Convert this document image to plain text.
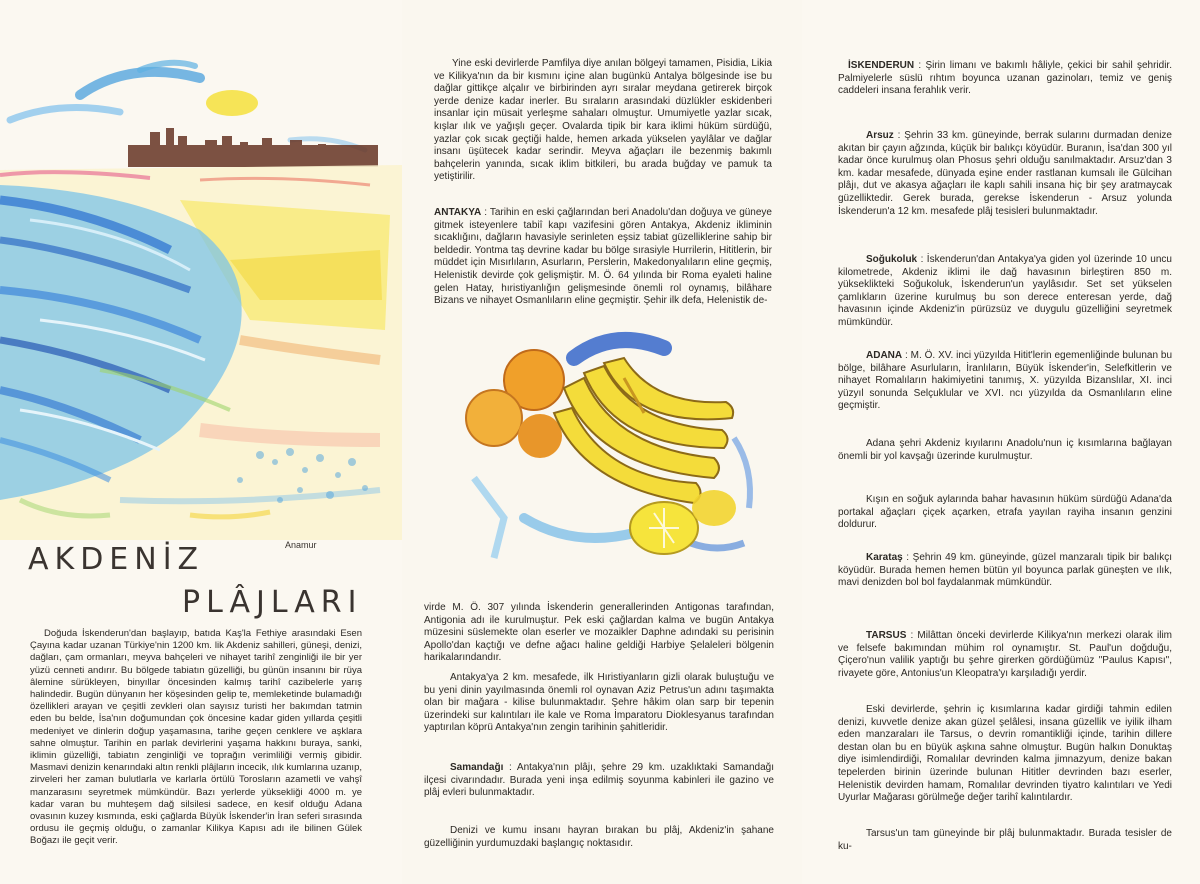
Anamur
AKDENİZ
PLÂJLARI

Doğuda İskenderun'dan başlayıp, batıda Kaş'la Fethiye arasındaki Esen Çayına kadar uzanan Türkiye'nin 1200 km. lik Akdeniz sahilleri, güneşi, denizi, dağları, çam ormanları, meyva bahçeleri ve nihayet tarihî zenginliği ile bir yer yüzü cenneti andırır. Bu bölgede tabiatın güzelliği, bu günün insanını bir rüya âlemine sürükleyen, binyıllar öncesinden kalmış tarihî cazibelerle yarış halindedir. Bugün dünyanın her köşesinden gelip te, memleketinde bulamadığı özellikleri arayan ve çeşitli zevkleri olan sayısız turisti her bakımdan tatmin eden bu belde, İsa'nın doğumundan çok öncesine kadar giden yıllarda çeşitli medeniyet ve dinlerin doğup yaşamasına, tarihe geçen cenklere ve aşklara sahne olmuştur. Tarihin en parlak devirlerini yaşama hakkını buraya, sanki, iklimin güzelliği, tabiatın zenginliği ve toprağın verimliliği vermiş gibidir. Masmavi denizin kenarındaki altın renkli plâjların incecik, ılık kumlarına uzanıp, zirveleri her zaman bulutlarla ve karlarla örtülü Torosların azametli ve vahşî manzarasını seyretmek mümkündür. Bazı yerlerde yüksekliği 4000 m. ye kadar varan bu muhteşem dağ silsilesi sadece, en kesif olduğu Adana ovasının kuzey kısmında, eski çağlarda Büyük İskender'in İran seferi sırasında ordusu ile geçmiş olduğu, o zamanlar Kilikya Kapısı adı ile bilinen Gülek Boğazı ile geçit verir.

Yine eski devirlerde Pamfilya diye anılan bölgeyi tamamen, Pisidia, Likia ve Kilikya'nın da bir kısmını içine alan bugünkü Antalya bölgesinde ise bu dağlar gittikçe alçalır ve birbirinden ayrı sıralar meydana getirerek birçok yerde denize kadar inerler. Bu sıraların arasındaki düzlükler eskidenberi insanlar için müsait yerleşme sahaları olmuştur. Umumiyetle yazlar sıcak, kışlar ılık ve yağışlı geçer. Ovalarda tipik bir kara iklimi hüküm sürdüğü, yazlar çok sıcak geçtiği halde, hemen arkada yükselen yaylâlar ve dağlar insanı üşütecek kadar serindir. Meyva ağaçları ile bezenmiş bakımlı bahçelerin yanında, sıcak iklim bitkileri, bu arada buğday ve pamuk ta yetiştirilir.

ANTAKYA : Tarihin en eski çağlarından beri Anadolu'dan doğuya ve güneye gitmek isteyenlere tabiî kapı vazifesini gören Antakya, Akdeniz ikliminin sıcaklığını, dağların havasiyle serinleten eşsiz tabiat güzelliklerine sahip bir beldedir. Yontma taş devrine kadar bu bölge sırasiyle Hurrilerin, Hititlerin, bir müddet için Mısırlıların, Asurların, Perslerin, Makedonyalıların eline geçmiş, Helenistik devirde çok gelişmiştir. M. Ö. 64 yılında bir Roma eyaleti haline gelen Hatay, hıristiyanlığın gelişmesinde önemli rol oynamış, bilâhare Bizans ve nihayet Osmanlıların eline geçmiştir. Şehir ilk defa, Helenistik de-

virde M. Ö. 307 yılında İskenderin generallerinden Antigonas tarafından, Antigonia adı ile kurulmuştur. Pek eski çağlardan kalma ve bugün Antakya müzesini süslemekte olan eserler ve mozaikler Daphne adındaki su perisinin Apollo'dan kaçtığı ve defne ağacı haline geldiği Harbiye Şelaleleri bölgenin harikalarındandır.

Antakya'ya 2 km. mesafede, ilk Hıristiyanların gizli olarak buluştuğu ve bu yeni dinin yayılmasında önemli rol oynavan Aziz Petrus'un adını taşımakta olan bir mağara - kilise bulunmaktadır. Şehre hâkim olan sarp bir tepenin üzerindeki sur kalıntıları ile kale ve Roma İmparatoru Dioklesyanus tarafından yaptırılan köprü Antakya'nın zengin tarihinin şahitleridir.

Samandağı : Antakya'nın plâjı, şehre 29 km. uzaklıktaki Samandağı ilçesi civarındadır. Burada yeni inşa edilmiş soyunma kabinleri ile gazino ve plâj evleri bulunmaktadır.

Denizi ve kumu insanı hayran bırakan bu plâj, Akdeniz'in şahane güzelliğinin yurdumuzdaki başlangıç noktasıdır.

İSKENDERUN : Şirin limanı ve bakımlı hâliyle, çekici bir sahil şehridir. Palmiyelerle süslü rıhtım boyunca uzanan gazinoları, temiz ve geniş caddeleri insana ferahlık verir.

Arsuz : Şehrin 33 km. güneyinde, berrak sularını durmadan denize akıtan bir çayın ağzında, küçük bir balıkçı köyüdür. Buranın, İsa'dan 300 yıl kadar önce kurulmuş olan Phosus şehri olduğu sanılmaktadır. Arsuz'dan 3 km. kadar mesafede, dünyada eşine ender rastlanan kumsalı ile Gülcihan plâjı, dut ve akasya ağaçları ile kaplı sahili insana hiç bir şey aratmaycak güzelliktedir. Gerek burada, gerekse İskenderun - Arsuz yolunda İskenderun'a 12 km. mesafede plâj tesisleri bulunmaktadır.

Soğukoluk : İskenderun'dan Antakya'ya giden yol üzerinde 10 uncu kilometrede, Akdeniz iklimi ile dağ havasının birleştiren 850 m. yükseklikteki Soğukoluk, İskenderun'un yaylâsıdır. Set set yükselen çamlıkların üzerine kurulmuş bu son derece enteresan yerde, dağ havasının içinde Akdeniz'in pürüzsüz ve duygulu güzelliğini seyretmek mümkündür.

ADANA : M. Ö. XV. inci yüzyılda Hitit'lerin egemenliğinde bulunan bu bölge, bilâhare Asurluların, İranlıların, Büyük İskender'in, Selefkitlerin ve nihayet Romalıların hakimiyetini tanımış, X. yüzyılda Bizanslılar, XI. inci yüzyıl sonunda Selçuklular ve XVI. ncı yüzyılda da Osmanlıların eline geçmiştir.

Adana şehri Akdeniz kıyılarını Anadolu'nun iç kısımlarına bağlayan önemli bir yol kavşağı üzerinde kurulmuştur.

Kışın en soğuk aylarında bahar havasının hüküm sürdüğü Adana'da portakal ağaçları çiçek açarken, etrafa yayılan rayiha insanın genzini doldurur.

Karataş : Şehrin 49 km. güneyinde, güzel manzaralı tipik bir balıkçı köyüdür. Burada hemen hemen bütün yıl boyunca parlak güneşten ve ılık, mavi denizden bol bol faydalanmak mümkündür.

TARSUS : Milâttan önceki devirlerde Kilikya'nın merkezi olarak ilim ve felsefe bakımından mühim rol oynamıştır. St. Paul'un doğduğu, Çiçero'nun valilik yaptığı bu şehre girerken gördüğümüz "Paulus Kapısı", rivayete göre, Antonius'un Kleopatra'yı karşıladığı yerdir.

Eski devirlerde, şehrin iç kısımlarına kadar girdiği tahmin edilen denizi, kuvvetle denize akan güzel şelâlesi, insana güzellik ve iyilik ilham eden manzaraları ile Tarsus, o devrin romantikliği içinde, tarihin dillere destan olan bu en büyük aşkına sahne olmuştur. Bugün halkın Donuktaş diye isimlendirdiği, Romalılar devrinden kalma jimnazyum, denize bakan tepelerden birinin üzerinde bulunan Hititler devrinden bazı eserler, Helenistik devirden hamam, Romalılar devrinden tiyatro kalıntıları ve Yedi Uyurlar Mağarası görülmeğe değer tarihî kalıntılardır.

Tarsus'un tam güneyinde bir plâj bulunmaktadır. Burada tesisler de ku-
